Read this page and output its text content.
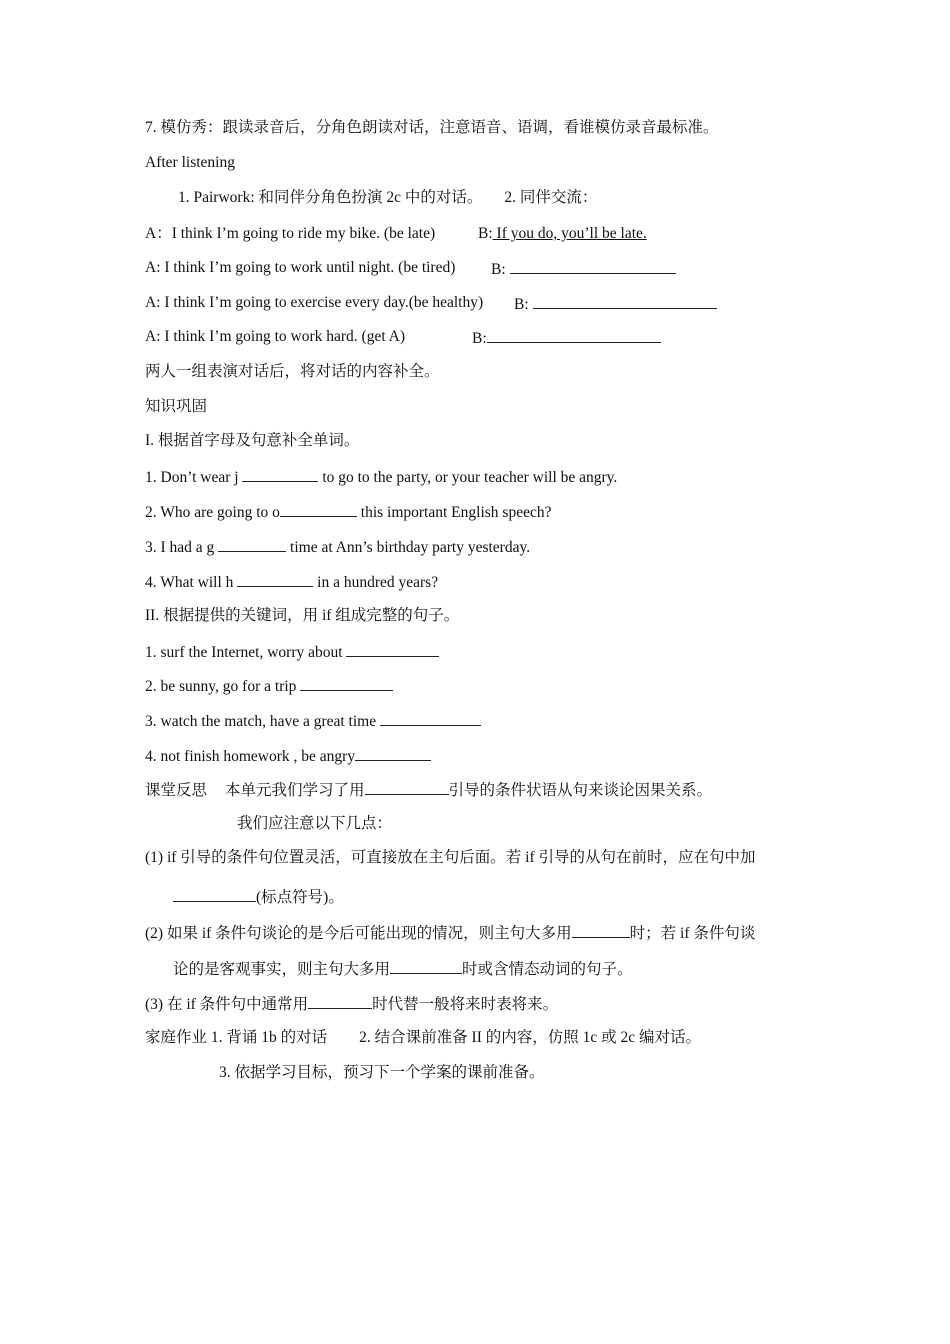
7. 模仿秀：跟读录音后，分角色朗读对话，注意语音、语调，看谁模仿录音最标准。
After listening
1. Pairwork: 和同伴分角色扮演 2c 中的对话。 2. 同伴交流：
A：I think I’m going to ride my bike. (be late)	B: If you do, you’ll be late.
A: I think I’m going to work until night. (be tired) B:
A: I think I’m going to exercise every day.(be healthy) B:
A: I think I’m going to work hard. (get A)	B:
两人一组表演对话后，将对话的内容补全。
知识巩固
I. 根据首字母及句意补全单词。
1. Don’t wear j	to go to the party, or your teacher will be angry.
2. Who are going to o	this important English speech?
3. I had a g	time at Ann’s birthday party yesterday.
4. What will h	in a hundred years?
II. 根据提供的关键词，用 if 组成完整的句子。
1. surf the Internet, worry about
2. be sunny, go for a trip
3. watch the match, have a great time
4. not finish homework , be angry
课堂反思 本单元我们学习了用	引导的条件状语从句来谈论因果关系。
我们应注意以下几点：
(1) if 引导的条件句位置灵活，可直接放在主句后面。若 if 引导的从句在前时，应在句中加
(标点符号)。
(2) 如果 if 条件句谈论的是今后可能出现的情况，则主句大多用	时；若 if 条件句谈
论的是客观事实，则主句大多用	时或含情态动词的句子。
(3) 在 if 条件句中通常用	时代替一般将来时表将来。
家庭作业 1. 背诵 1b 的对话 2. 结合课前准备 II 的内容，仿照 1c 或 2c 编对话。
3. 依据学习目标，预习下一个学案的课前准备。
